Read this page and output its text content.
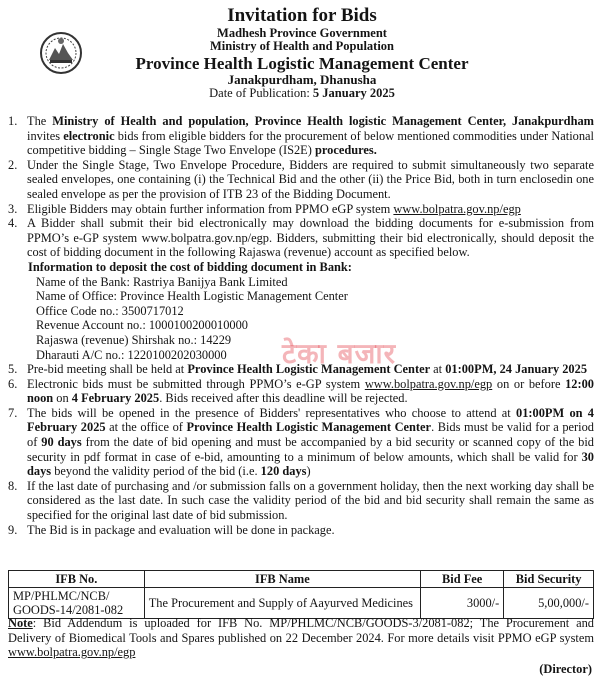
Invitation for Bids
Madhesh Province Government
Ministry of Health and Population
Province Health Logistic Management Center
Janakpurdham, Dhanusha
Date of Publication: 5 January 2025
1. The Ministry of Health and population, Province Health logistic Management Center, Janakpurdham invites electronic bids from eligible bidders for the procurement of below mentioned commodities under National competitive bidding – Single Stage Two Envelope (IS2E) procedures.
2. Under the Single Stage, Two Envelope Procedure, Bidders are required to submit simultaneously two separate sealed envelopes, one containing (i) the Technical Bid and the other (ii) the Price Bid, both in turn enclosedin one sealed envelope as per the provision of ITB 23 of the Bidding Document.
3. Eligible Bidders may obtain further information from PPMO eGP system www.bolpatra.gov.np/egp
4. A Bidder shall submit their bid electronically may download the bidding documents for e-submission from PPMO’s e-GP system www.bolpatra.gov.np/egp. Bidders, submitting their bid electronically, should deposit the cost of bidding document in the following Rajaswa (revenue) account as specified below.
Information to deposit the cost of bidding document in Bank:
Name of the Bank: Rastriya Banijya Bank Limited
Name of Office: Province Health Logistic Management Center
Office Code no.: 3500717012
Revenue Account no.: 1000100200010000
Rajaswa (revenue) Shirshak no.: 14229
Dharauti A/C no.: 1220100202030000
5. Pre-bid meeting shall be held at Province Health Logistic Management Center at 01:00PM, 24 January 2025
6. Electronic bids must be submitted through PPMO’s e-GP system www.bolpatra.gov.np/egp on or before 12:00 noon on 4 February 2025. Bids received after this deadline will be rejected.
7. The bids will be opened in the presence of Bidders' representatives who choose to attend at 01:00PM on 4 February 2025 at the office of Province Health Logistic Management Center. Bids must be valid for a period of 90 days from the date of bid opening and must be accompanied by a bid security or scanned copy of the bid security in pdf format in case of e-bid, amounting to a minimum of below amounts, which shall be valid for 30 days beyond the validity period of the bid (i.e. 120 days)
8. If the last date of purchasing and /or submission falls on a government holiday, then the next working day shall be considered as the last date. In such case the validity period of the bid and bid security shall remain the same as specified for the original last date of bid submission.
9. The Bid is in package and evaluation will be done in package.
टेका बजार
IFB No.	IFB Name	Bid Fee	Bid Security
MP/PHLMC/NCB/ GOODS-14/2081-082	The Procurement and Supply of Aayurved Medicines	3000/-	5,00,000/-
Note: Bid Addendum is uploaded for IFB No. MP/PHLMC/NCB/GOODS-3/2081-082; The Procurement and Delivery of Biomedical Tools and Spares published on 22 December 2024. For more details visit PPMO eGP system www.bolpatra.gov.np/egp
(Director)
